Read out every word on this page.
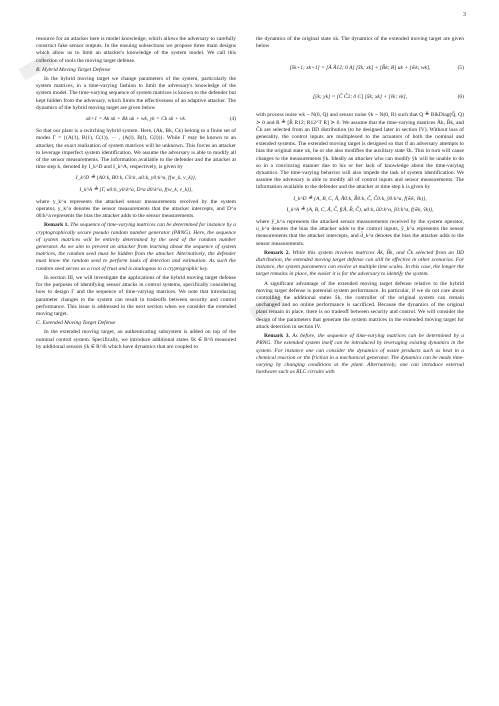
████
████
3

resource for an attacker here is model knowledge, which allows the adversary to carefully construct fake sensor outputs. In the ensuing subsections we propose three main designs which allow us to limit an attacker's knowledge of the system model. We call this collection of tools the moving target defense.

B. Hybrid Moving Target Defense

In the hybrid moving target we change parameters of the system, particularly the system matrices, in a time-varying fashion to limit the adversary's knowledge of the system model. The time-varying sequence of system matrices is known to the defender but kept hidden from the adversary, which limits the effectiveness of an adaptive attacker. The dynamics of the hybrid moving target are given below

xk+1 = Ak xk + Bk uk + wk, yk = Ck xk + vk.	(4)

So that our plant is a switching hybrid system. Here, (Ak, Bk, Ck) belong to a finite set of modes Γ = {(A(1), B(1), C(1)), ··· , (A(l), B(l), C(l))}. While Γ may be known to an attacker, the exact realization of system matrices will be unknown. This forces an attacker to leverage imperfect system identification. We assume the adversary is able to modify all of the sensor measurements. The information available to the defender and the attacker at time step k, denoted by I_k^D and I_k^A, respectively, is given by

I_k^D ≜ {A0:k, B0:k, C0:k, u0:k, y0:k^a, f(w_k, v_k)},
I_k^A ≜ {Γ, u0:k, y0:k^a, D^a d0:k^a, f(w_k, v_k)},

where y_k^a represents the attacked sensor measurements received by the system operator, y_k^a denotes the sensor measurements that the attacker intercepts, and D^a d0:k^a represents the bias the attacker adds to the sensor measurements.

Remark 1. The sequence of time-varying matrices can be determined for instance by a cryptographically secure pseudo random number generator (PRNG). Here, the sequence of system matrices will be entirely determined by the seed of the random number generator. As we aim to prevent an attacker from learning about the sequence of system matrices, the random seed must be hidden from the attacker. Alternatively, the defender must know the random seed to perform tasks of detection and estimation. As such the random seed serves as a root of trust and is analogous to a cryptographic key.

In section III, we will investigate the applications of the hybrid moving target defense for the purposes of identifying sensor attacks in control systems, specifically considering how to design Γ and the sequence of time-varying matrices. We note that introducing parameter changes to the system can result in tradeoffs between security and control performance. This issue is addressed in the next section when we consider the extended moving target.

C. Extended Moving Target Defense

In the extended moving target, an authenticating subsystem is added on top of the nominal control system. Specifically, we introduce additional states x̃k ∈ R^ñ measured by additional sensors ỹk ∈ R^m̃ which have dynamics that are coupled to

the dynamics of the original state xk. The dynamics of the extended moving target are given below

[x̃k+1; xk+1] = [Ã Ã12; 0 A] [x̃k; xk] + [B̃k; B] uk + [w̃k; wk],	(5)
[ỹk; yk] = [C̃ C̃2; 0 C] [x̃k; xk] + [ṽk; vk],	(6)

with process noise wk ~ N(0, Q) and sensor noise ṽk ~ N(0, R) such that Q ≜ BlkDiag(Q̃, Q) ≻ 0 and R ≜ [R̃ R12; R12^T R] ≻ 0. We assume that the time-varying matrices Ãk, B̃k, and C̃k are selected from an IID distribution (to be designed later in section IV). Without loss of generality, the control inputs are multiplexed to the actuators of both the nominal and extended systems. The extended moving target is designed so that if an adversary attempts to bias the original state xk, he or she also modifies the auxiliary state x̃k. This in turn will cause changes to the measurements ỹk. Ideally an attacker who can modify ỹk will be unable to do so in a convincing manner due to his or her lack of knowledge about the time-varying dynamics. The time-varying behavior will also impede the task of system identification. We assume the adversary is able to modify all of control inputs and sensor measurements. The information available to the defender and the attacker at time step k is given by

I_k^D ≜ {A, B, C, Ã, Ã0:k, B̃0:k, C̃, C̃0:k, ỹ0:k^a, f(w̃k, ṽk)},
I_k^A ≜ {A, B, C, Ã, C̃, f(Ã, B̃, C̃), u0:k, ũ0:k^a, ỹ0:k^a, f(w̃k, ṽk)},

where ỹ_k^a represents the attacked sensor measurements received by the system operator, u_k^a denotes the bias the attacker adds to the control inputs, ỹ_k^a represents the sensor measurements that the attacker intercepts, and d̃_k^a denotes the bias the attacker adds to the sensor measurements.

Remark 2. While this system involves matrices Ãk, B̃k, and C̃k selected from an IID distribution, the extended moving target defense can still be effective in other scenarios. For instance, the system parameters can evolve at multiple time scales. In this case, the longer the target remains in place, the easier it is for the adversary to identify the system.

A significant advantage of the extended moving target defense relative to the hybrid moving target defense is potential system performance. In particular, if we do not care about controlling the additional states x̃k, the controller of the original system can remain unchanged and no online performance is sacrificed. Because the dynamics of the original plant remain in place, there is no tradeoff between security and control. We will consider the design of the parameters that generate the system matrices in the extended moving target for attack detection in section IV.

Remark 3. As before, the sequence of time-varying matrices can be determined by a PRNG. The extended system itself can be introduced by leveraging existing dynamics in the system. For instance one can consider the dynamics of waste products such as heat in a chemical reaction or the friction in a mechanical generator. The dynamics can be made time-varying by changing conditions at the plant. Alternatively, one can introduce external hardware such as RLC circuits with
